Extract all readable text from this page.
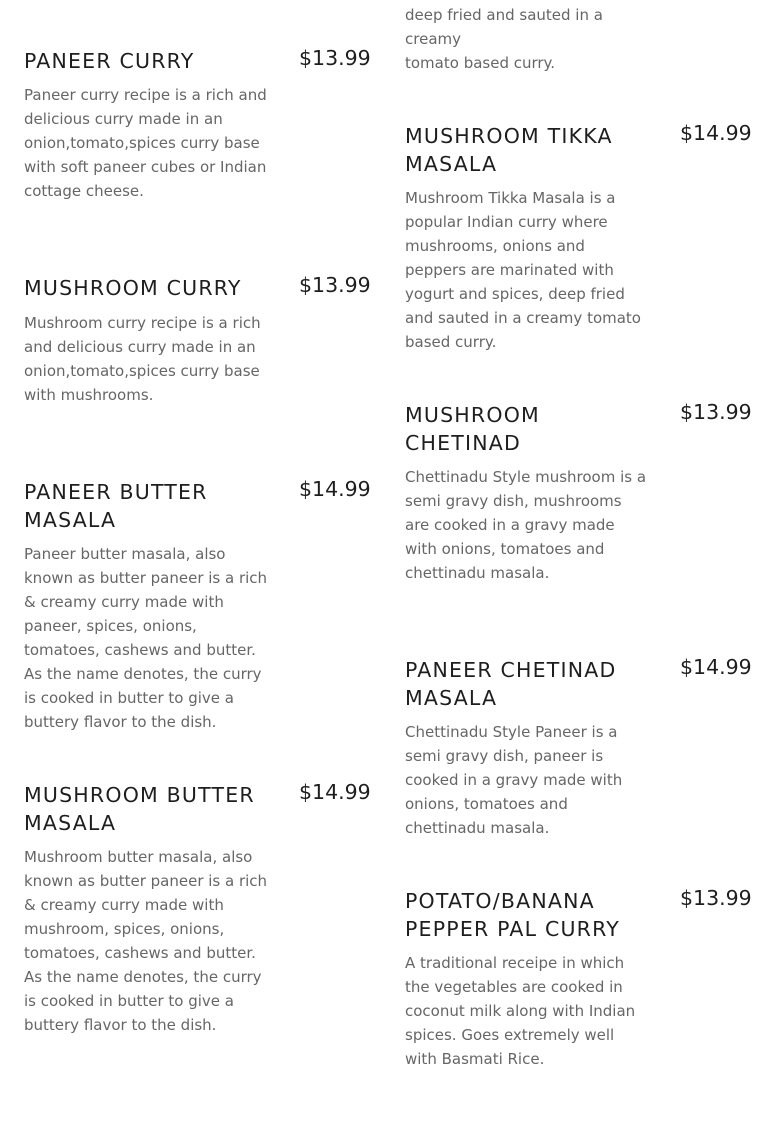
deep fried and sauted in a creamy
tomato based curry.

PANEER CURRY	$13.99

Paneer curry recipe is a rich and delicious curry made in an onion,tomato,spices curry base with soft paneer cubes or Indian cottage cheese.

MUSHROOM CURRY	$13.99

Mushroom curry recipe is a rich and delicious curry made in an onion,tomato,spices curry base with mushrooms.

PANEER BUTTER MASALA
$14.99

Paneer butter masala, also known as butter paneer is a rich & creamy curry made with paneer, spices, onions, tomatoes, cashews and butter. As the name denotes, the curry is cooked in butter to give a buttery flavor to the dish.

MUSHROOM BUTTER MASALA
$14.99

Mushroom butter masala, also known as butter paneer is a rich & creamy curry made with mushroom, spices, onions, tomatoes, cashews and butter. As the name denotes, the curry is cooked in butter to give a buttery flavor to the dish.

MUSHROOM TIKKA MASALA
$14.99

Mushroom Tikka Masala is a popular Indian curry where mushrooms, onions and peppers are marinated with yogurt and spices, deep fried and sauted in a creamy tomato based curry.

MUSHROOM CHETINAD
$13.99

Chettinadu Style mushroom is a semi gravy dish, mushrooms are cooked in a gravy made with onions, tomatoes and chettinadu masala.

PANEER CHETINAD MASALA
$14.99

Chettinadu Style Paneer is a semi gravy dish, paneer is cooked in a gravy made with onions, tomatoes and chettinadu masala.

POTATO/BANANA PEPPER PAL CURRY
$13.99

A traditional receipe in which the vegetables are cooked in coconut milk along with Indian spices. Goes extremely well with Basmati Rice.
